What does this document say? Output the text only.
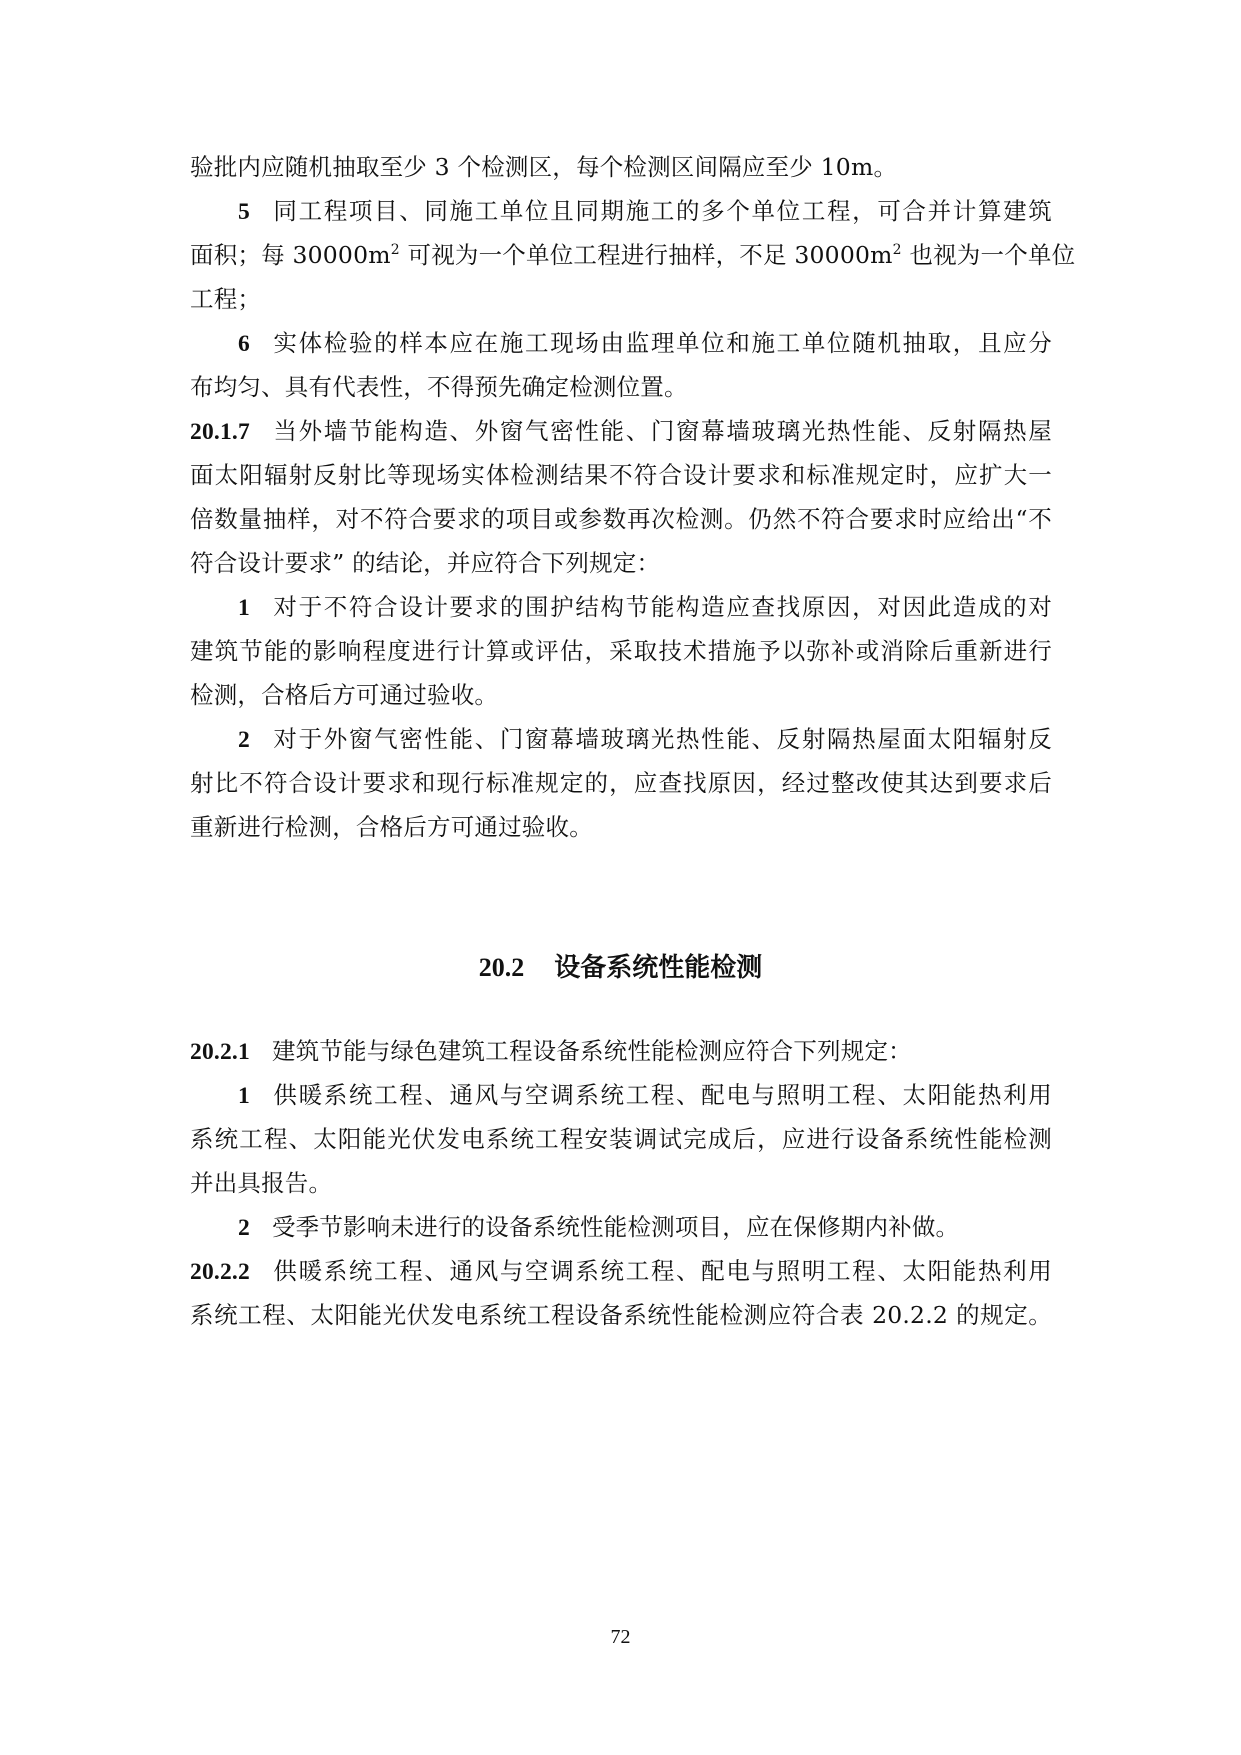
验批内应随机抽取至少 3 个检测区，每个检测区间隔应至少 10m。
5 同工程项目、同施工单位且同期施工的多个单位工程，可合并计算建筑
面积；每 $30000m^2$ 可视为一个单位工程进行抽样，不足 $30000m^2$ 也视为一个单位
工程；
6 实体检验的样本应在施工现场由监理单位和施工单位随机抽取，且应分
布均匀、具有代表性，不得预先确定检测位置。
20.1.7 当外墙节能构造、外窗气密性能、门窗幕墙玻璃光热性能、反射隔热屋
面太阳辐射反射比等现场实体检测结果不符合设计要求和标准规定时，应扩大一
倍数量抽样，对不符合要求的项目或参数再次检测。仍然不符合要求时应给出“不
符合设计要求” 的结论，并应符合下列规定：
1 对于不符合设计要求的围护结构节能构造应查找原因，对因此造成的对
建筑节能的影响程度进行计算或评估，采取技术措施予以弥补或消除后重新进行
检测，合格后方可通过验收。
2 对于外窗气密性能、门窗幕墙玻璃光热性能、反射隔热屋面太阳辐射反
射比不符合设计要求和现行标准规定的，应查找原因，经过整改使其达到要求后
重新进行检测，合格后方可通过验收。
20.2 设备系统性能检测
20.2.1 建筑节能与绿色建筑工程设备系统性能检测应符合下列规定：
1 供暖系统工程、通风与空调系统工程、配电与照明工程、太阳能热利用
系统工程、太阳能光伏发电系统工程安装调试完成后，应进行设备系统性能检测
并出具报告。
2 受季节影响未进行的设备系统性能检测项目，应在保修期内补做。
20.2.2 供暖系统工程、通风与空调系统工程、配电与照明工程、太阳能热利用
系统工程、太阳能光伏发电系统工程设备系统性能检测应符合表 20.2.2 的规定。
72
